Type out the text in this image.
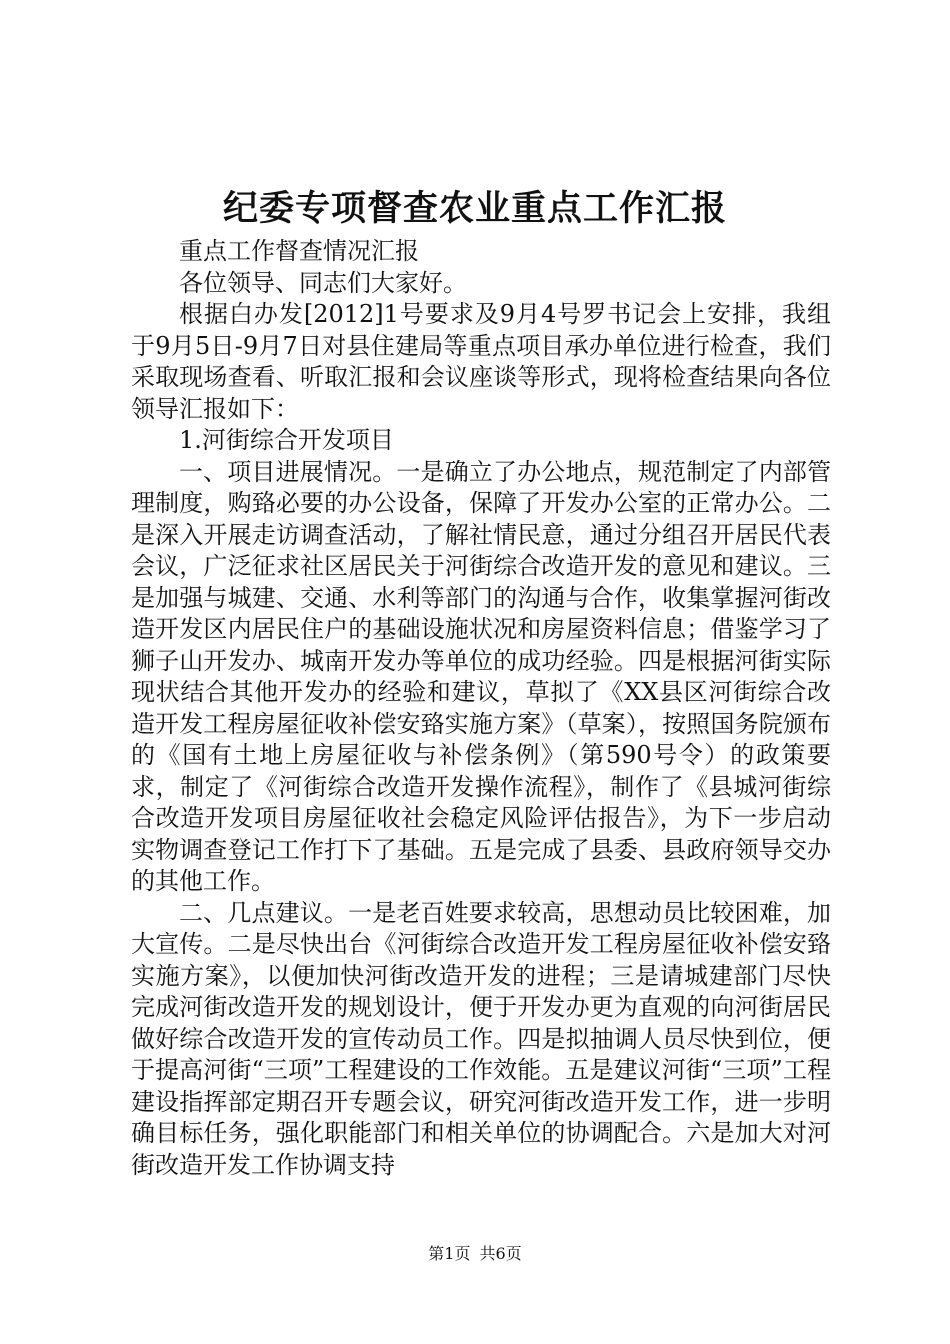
纪委专项督查农业重点工作汇报

重点工作督查情况汇报

各位领导、同志们大家好。

根据白办发[2012]1号要求及9月4号罗书记会上安排，我组于9月5日-9月7日对县住建局等重点项目承办单位进行检查，我们采取现场查看、听取汇报和会议座谈等形式，现将检查结果向各位领导汇报如下：

1.河街综合开发项目

一、项目进展情况。一是确立了办公地点，规范制定了内部管理制度，购臵必要的办公设备，保障了开发办公室的正常办公。二是深入开展走访调查活动，了解社情民意，通过分组召开居民代表会议，广泛征求社区居民关于河街综合改造开发的意见和建议。三是加强与城建、交通、水利等部门的沟通与合作，收集掌握河街改造开发区内居民住户的基础设施状况和房屋资料信息；借鉴学习了狮子山开发办、城南开发办等单位的成功经验。四是根据河街实际现状结合其他开发办的经验和建议，草拟了《XX县区河街综合改造开发工程房屋征收补偿安臵实施方案》（草案），按照国务院颁布的《国有土地上房屋征收与补偿条例》（第590号令）的政策要求，制定了《河街综合改造开发操作流程》，制作了《县城河街综合改造开发项目房屋征收社会稳定风险评估报告》，为下一步启动实物调查登记工作打下了基础。五是完成了县委、县政府领导交办的其他工作。

二、几点建议。一是老百姓要求较高，思想动员比较困难，加大宣传。二是尽快出台《河街综合改造开发工程房屋征收补偿安臵实施方案》，以便加快河街改造开发的进程；三是请城建部门尽快完成河街改造开发的规划设计，便于开发办更为直观的向河街居民做好综合改造开发的宣传动员工作。四是拟抽调人员尽快到位，便于提高河街“三项”工程建设的工作效能。五是建议河街“三项”工程建设指挥部定期召开专题会议，研究河街改造开发工作，进一步明确目标任务，强化职能部门和相关单位的协调配合。六是加大对河街改造开发工作协调支持

第1页 共6页
